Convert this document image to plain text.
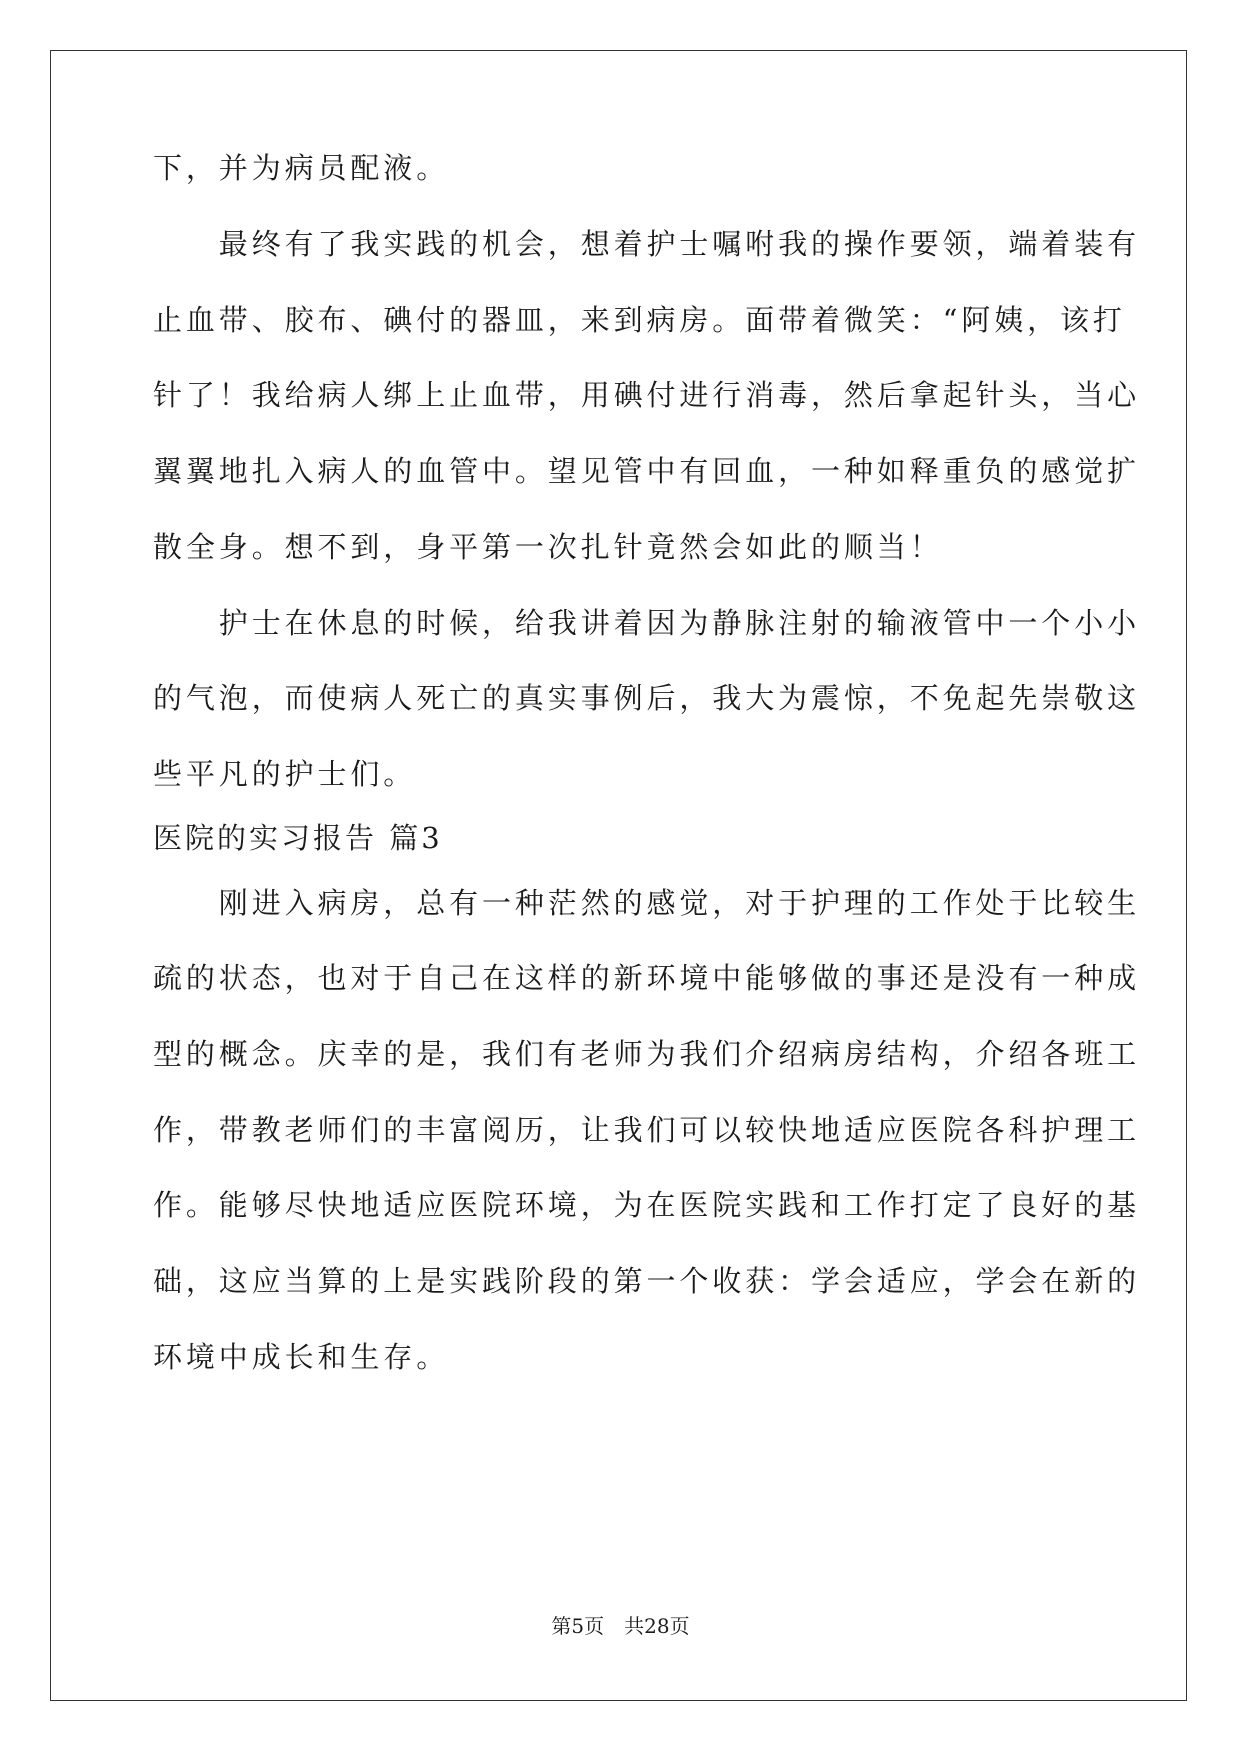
下，并为病员配液。
　　最终有了我实践的机会，想着护士嘱咐我的操作要领，端着装有
止血带、胶布、碘付的器皿，来到病房。面带着微笑：“阿姨，该打
针了！我给病人绑上止血带，用碘付进行消毒，然后拿起针头，当心
翼翼地扎入病人的血管中。望见管中有回血，一种如释重负的感觉扩
散全身。想不到，身平第一次扎针竟然会如此的顺当！
　　护士在休息的时候，给我讲着因为静脉注射的输液管中一个小小
的气泡，而使病人死亡的真实事例后，我大为震惊，不免起先崇敬这
些平凡的护士们。
医院的实习报告 篇3
　　刚进入病房，总有一种茫然的感觉，对于护理的工作处于比较生
疏的状态，也对于自己在这样的新环境中能够做的事还是没有一种成
型的概念。庆幸的是，我们有老师为我们介绍病房结构，介绍各班工
作，带教老师们的丰富阅历，让我们可以较快地适应医院各科护理工
作。能够尽快地适应医院环境，为在医院实践和工作打定了良好的基
础，这应当算的上是实践阶段的第一个收获：学会适应，学会在新的
环境中成长和生存。
第5页　共28页
